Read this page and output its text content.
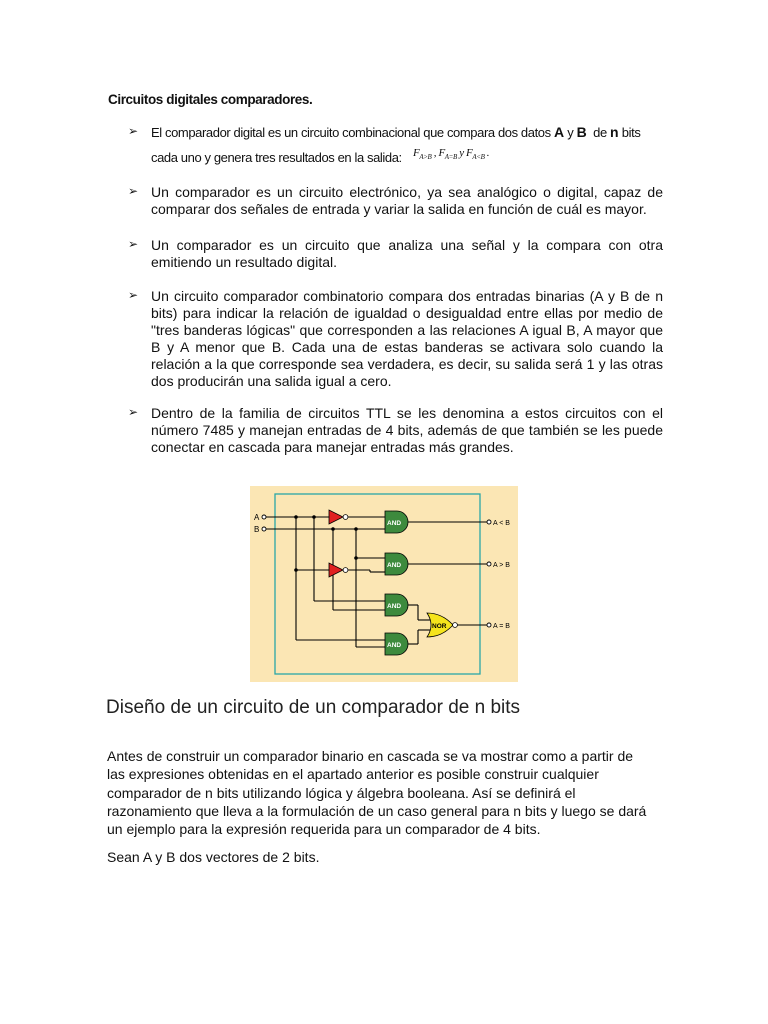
Circuitos digitales comparadores.
➢ El comparador digital es un circuito combinacional que compara dos datos A y B  de n bits
cada uno y genera tres resultados en la salida: $^{F_{A>B} , F_{A=B} y F_{A<B} .}$
➢ Un comparador es un circuito electrónico, ya sea analógico o digital, capaz de comparar dos señales de entrada y variar la salida en función de cuál es mayor.
➢ Un comparador es un circuito que analiza una señal y la compara con otra emitiendo un resultado digital.
➢ Un circuito comparador combinatorio compara dos entradas binarias (A y B de n bits) para indicar la relación de igualdad o desigualdad entre ellas por medio de "tres banderas lógicas" que corresponden a las relaciones A igual B, A mayor que B y A menor que B. Cada una de estas banderas se activara solo cuando la relación a la que corresponde sea verdadera, es decir, su salida será 1 y las otras dos producirán una salida igual a cero.
➢ Dentro de la familia de circuitos TTL se les denomina a estos circuitos con el número 7485 y manejan entradas de 4 bits, además de que también se les puede conectar en cascada para manejar entradas más grandes.
A
B
AND
AND
AND
AND
NOR
A < B
A > B
A = B
Diseño de un circuito de un comparador de n bits
Antes de construir un comparador binario en cascada se va mostrar como a partir de las expresiones obtenidas en el apartado anterior es posible construir cualquier comparador de n bits utilizando lógica y álgebra booleana. Así se definirá el razonamiento que lleva a la formulación de un caso general para n bits y luego se dará un ejemplo para la expresión requerida para un comparador de 4 bits.
Sean A y B dos vectores de 2 bits.
